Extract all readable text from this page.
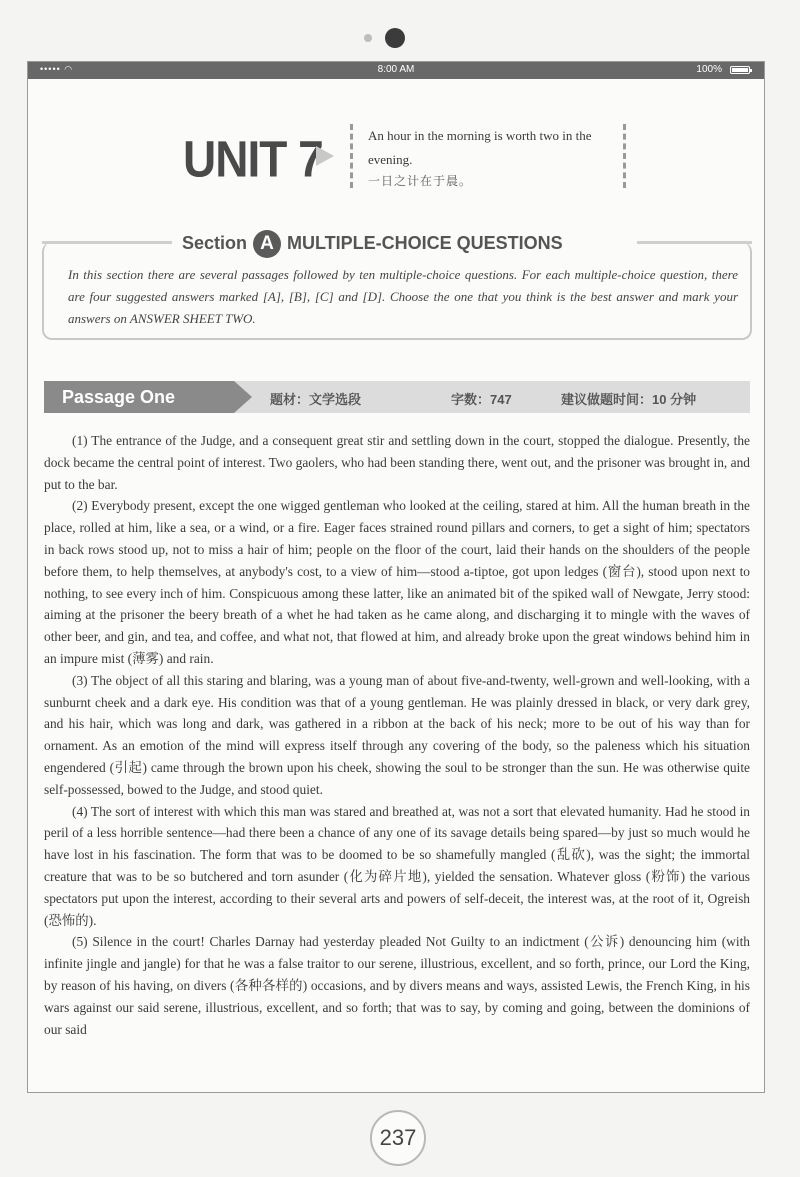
••••• ◠	8:00 AM	100%
UNIT 7	An hour in the morning is worth two in the evening.
一日之计在于晨。
Section A MULTIPLE-CHOICE QUESTIONS
In this section there are several passages followed by ten multiple-choice questions. For each multiple-choice question, there are four suggested answers marked [A], [B], [C] and [D]. Choose the one that you think is the best answer and mark your answers on ANSWER SHEET TWO.
Passage One	题材：文学选段	字数：747	建议做题时间：10 分钟

(1) The entrance of the Judge, and a consequent great stir and settling down in the court, stopped the dialogue. Presently, the dock became the central point of interest. Two gaolers, who had been standing there, went out, and the prisoner was brought in, and put to the bar.

(2) Everybody present, except the one wigged gentleman who looked at the ceiling, stared at him. All the human breath in the place, rolled at him, like a sea, or a wind, or a fire. Eager faces strained round pillars and corners, to get a sight of him; spectators in back rows stood up, not to miss a hair of him; people on the floor of the court, laid their hands on the shoulders of the people before them, to help themselves, at anybody's cost, to a view of him—stood a-tiptoe, got upon ledges (窗台), stood upon next to nothing, to see every inch of him. Conspicuous among these latter, like an animated bit of the spiked wall of Newgate, Jerry stood: aiming at the prisoner the beery breath of a whet he had taken as he came along, and discharging it to mingle with the waves of other beer, and gin, and tea, and coffee, and what not, that flowed at him, and already broke upon the great windows behind him in an impure mist (薄雾) and rain.

(3) The object of all this staring and blaring, was a young man of about five-and-twenty, well-grown and well-looking, with a sunburnt cheek and a dark eye. His condition was that of a young gentleman. He was plainly dressed in black, or very dark grey, and his hair, which was long and dark, was gathered in a ribbon at the back of his neck; more to be out of his way than for ornament. As an emotion of the mind will express itself through any covering of the body, so the paleness which his situation engendered (引起) came through the brown upon his cheek, showing the soul to be stronger than the sun. He was otherwise quite self-possessed, bowed to the Judge, and stood quiet.

(4) The sort of interest with which this man was stared and breathed at, was not a sort that elevated humanity. Had he stood in peril of a less horrible sentence—had there been a chance of any one of its savage details being spared—by just so much would he have lost in his fascination. The form that was to be doomed to be so shamefully mangled (乱砍), was the sight; the immortal creature that was to be so butchered and torn asunder (化为碎片地), yielded the sensation. Whatever gloss (粉饰) the various spectators put upon the interest, according to their several arts and powers of self-deceit, the interest was, at the root of it, Ogreish (恐怖的).

(5) Silence in the court! Charles Darnay had yesterday pleaded Not Guilty to an indictment (公诉) denouncing him (with infinite jingle and jangle) for that he was a false traitor to our serene, illustrious, excellent, and so forth, prince, our Lord the King, by reason of his having, on divers (各种各样的) occasions, and by divers means and ways, assisted Lewis, the French King, in his wars against our said serene, illustrious, excellent, and so forth; that was to say, by coming and going, between the dominions of our said

237
